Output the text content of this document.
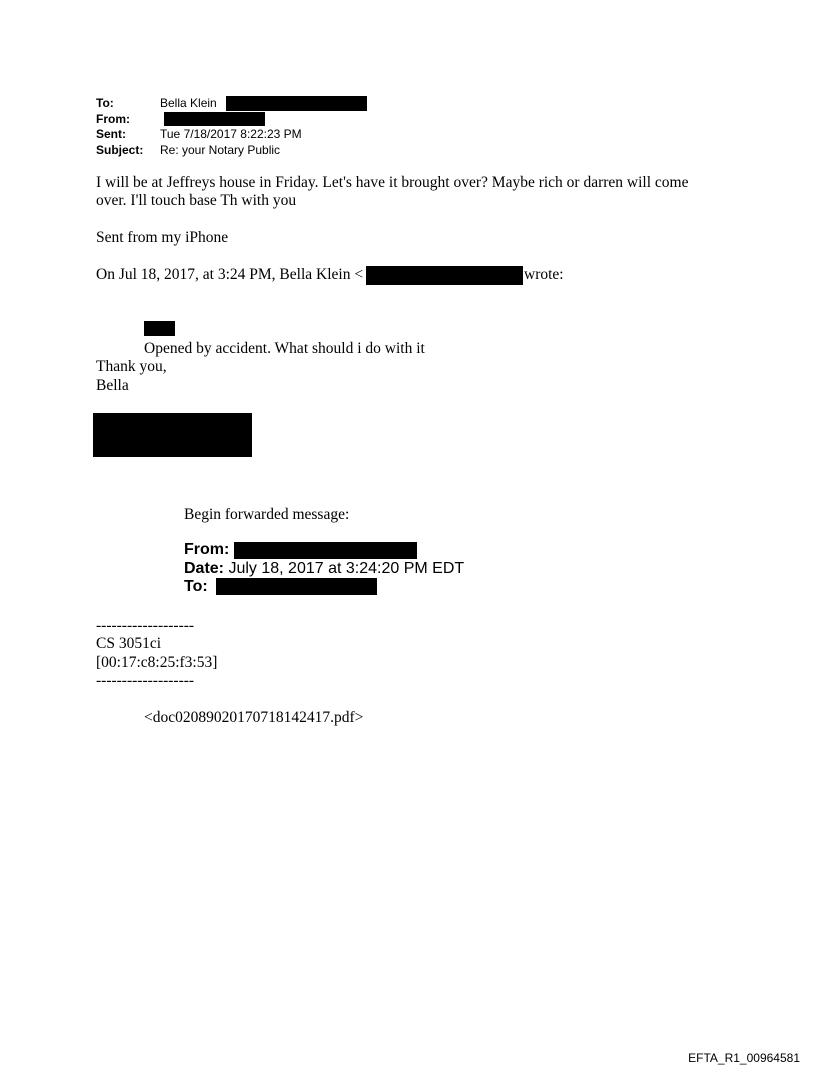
To:	Bella Klein
From:
Sent:	Tue 7/18/2017 8:22:23 PM
Subject: Re: your Notary Public
I will be at Jeffreys house in Friday. Let's have it brought over? Maybe rich or darren will come
over. I'll touch base Th with you
Sent from my iPhone
On Jul 18, 2017, at 3:24 PM, Bella Klein <	wrote:
Opened by accident. What should i do with it
Thank you,
Bella
Begin forwarded message:
From:
Date: July 18, 2017 at 3:24:20 PM EDT
To:
-------------------
CS 3051ci
[00:17:c8:25:f3:53]
-------------------
<doc02089020170718142417.pdf>
EFTA_R1_00964581
